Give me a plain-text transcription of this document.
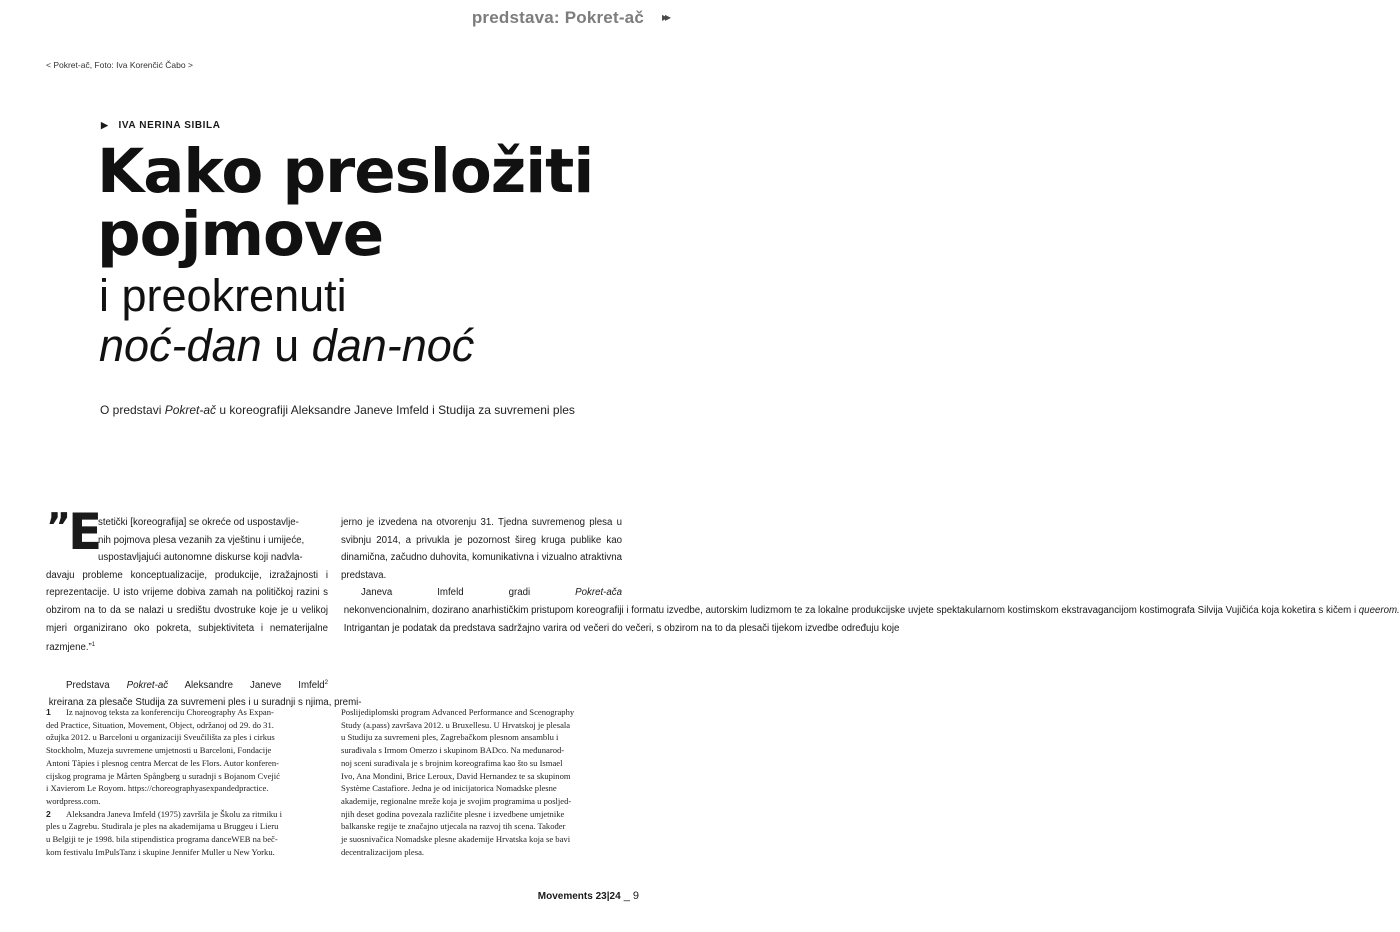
predstava: Pokret-ač ▸▸
< Pokret-ač, Foto: Iva Korenčić Čabo >
▶ IVA NERINA SIBILA
Kako presložiti
pojmove
i preokrenuti
noć-dan u dan-noć
O predstavi Pokret-ač u koreografiji Aleksandre Janeve Imfeld i Studija za suvremeni ples
”
E
stetički [koreografija] se okreće od uspostavlje-
nih pojmova plesa vezanih za vještinu i umijeće,
uspostavljajući autonomne diskurse koji nadvla-
davaju probleme konceptualizacije, produkcije, izražajnosti i reprezentacije. U isto vrijeme dobiva zamah na političkoj razini s obzirom na to da se nalazi u središtu dvostruke koje je u velikoj mjeri organizirano oko pokreta, subjektiviteta i nematerijalne razmjene.”$^1$
Predstava Pokret-ač Aleksandre Janeve Imfeld$^2$ kreirana za plesače Studija za suvremeni ples i u suradnji s njima, premi-
jerno je izvedena na otvorenju 31. Tjedna suvremenog plesa u svibnju 2014, a privukla je pozornost šireg kruga publike kao dinamična, začudno duhovita, komunikativna i vizualno atraktivna predstava.
Janeva Imfeld gradi Pokret-ača nekonvencionalnim, dozirano anarhističkim pristupom koreografiji i formatu izvedbe, autorskim ludizmom te za lokalne produkcijske uvjete spektakularnom kostimskom ekstravagancijom kostimografa Silvija Vujičića koja koketira s kičem i queerom. Intrigantan je podatak da predstava sadržajno varira od večeri do večeri, s obzirom na to da plesači tijekom izvedbe određuju koje
1 Iz najnovog teksta za konferenciju Choreography As Expan-
ded Practice, Situation, Movement, Object, održanoj od 29. do 31.
ožujka 2012. u Barceloni u organizaciji Sveučilišta za ples i cirkus
Stockholm, Muzeja suvremene umjetnosti u Barceloni, Fondacije
Antoni Tàpies i plesnog centra Mercat de les Flors. Autor konferen-
cijskog programa je Mårten Spångberg u suradnji s Bojanom Cvejić
i Xavierom Le Royom. https://choreographyasexpandedpractice.
wordpress.com.
2 Aleksandra Janeva Imfeld (1975) završila je Školu za ritmiku i
ples u Zagrebu. Studirala je ples na akademijama u Bruggeu i Lieru
u Belgiji te je 1998. bila stipendistica programa danceWEB na beč-
kom festivalu ImPulsTanz i skupine Jennifer Muller u New Yorku.
Poslijediplomski program Advanced Performance and Scenography
Study (a.pass) završava 2012. u Bruxellesu. U Hrvatskoj je plesala
u Studiju za suvremeni ples, Zagrebačkom plesnom ansamblu i
surađivala s Irmom Omerzo i skupinom BADco. Na međunarod-
noj sceni surađivala je s brojnim koreografima kao što su Ismael
Ivo, Ana Mondini, Brice Leroux, David Hernandez te sa skupinom
Système Castafiore. Jedna je od inicijatorica Nomadske plesne
akademije, regionalne mreže koja je svojim programima u posljed-
njih deset godina povezala različite plesne i izvedbene umjetnike
balkanske regije te značajno utjecala na razvoj tih scena. Također
je suosnivačica Nomadske plesne akademije Hrvatska koja se bavi
decentralizacijom plesa.
Movements 23|24 _ 9
